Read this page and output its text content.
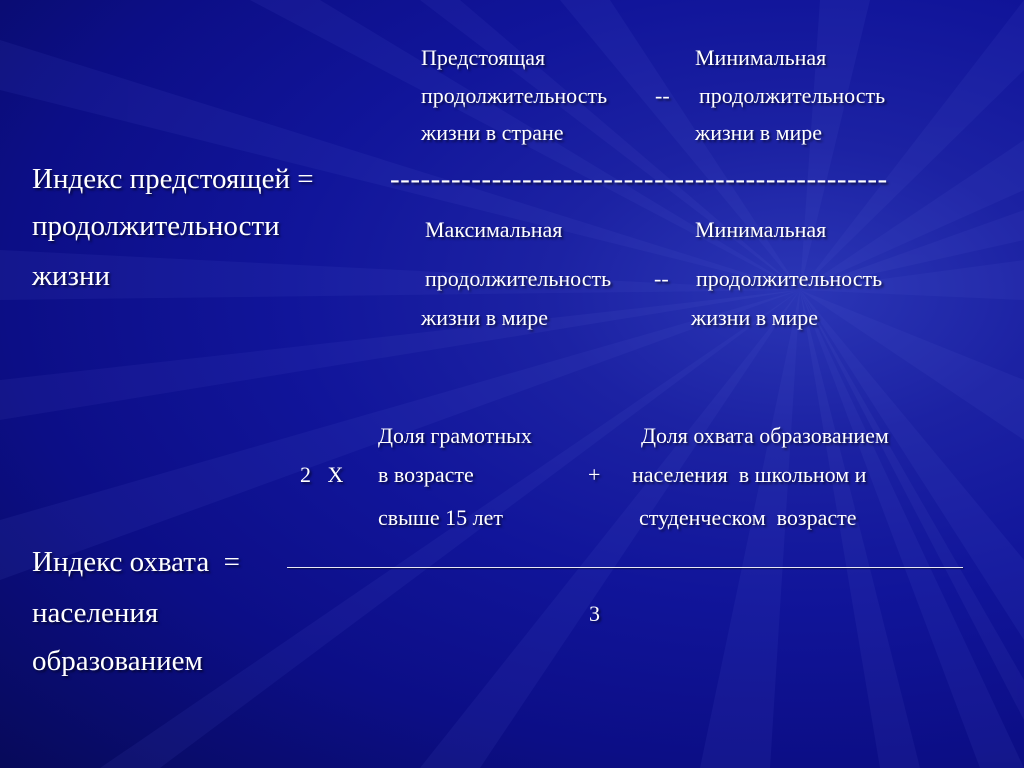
Предстоящая
продолжительность
жизни в стране
--
Минимальная
продолжительность
жизни в мире
Индекс предстоящей =	-------------------------------------------------
продолжительности
жизни
Максимальная
продолжительность
жизни в мире
--
Минимальная
продолжительность
жизни в мире
Доля грамотных
2   Х в возрасте
свыше 15 лет
+
Доля охвата образованием
населения  в школьном и
студенческом  возрасте
Индекс охвата  =
населения
образованием
3
